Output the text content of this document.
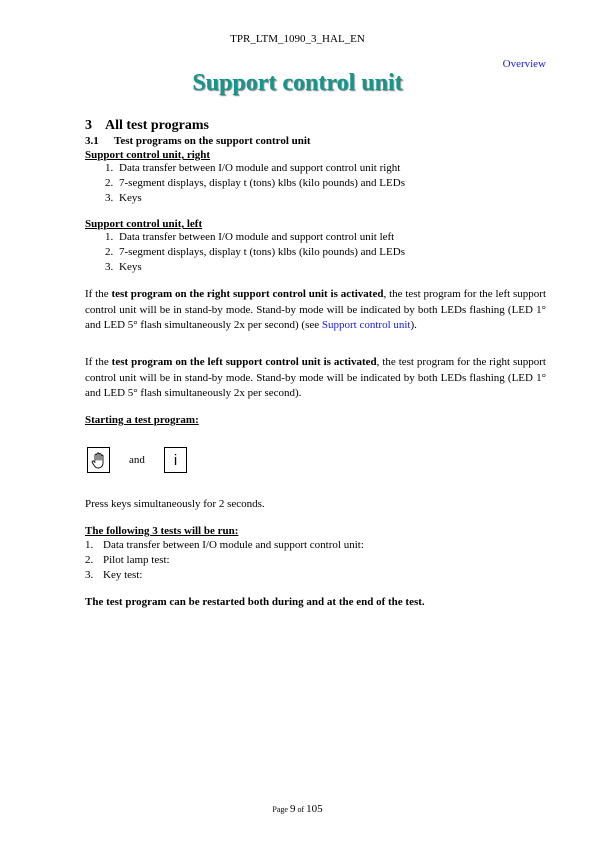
TPR_LTM_1090_3_HAL_EN
Overview
Support control unit
3 All test programs
3.1 Test programs on the support control unit
Support control unit, right
1. Data transfer between I/O module and support control unit right
2. 7-segment displays, display t (tons) klbs (kilo pounds) and LEDs
3. Keys
Support control unit, left
1. Data transfer between I/O module and support control unit left
2. 7-segment displays, display t (tons) klbs (kilo pounds) and LEDs
3. Keys
If the test program on the right support control unit is activated, the test program for the left support control unit will be in stand-by mode. Stand-by mode will be indicated by both LEDs flashing (LED 1° and LED 5° flash simultaneously 2x per second) (see Support control unit).
If the test program on the left support control unit is activated, the test program for the right support control unit will be in stand-by mode. Stand-by mode will be indicated by both LEDs flashing (LED 1° and LED 5° flash simultaneously 2x per second).
Starting a test program:
and	i
Press keys simultaneously for 2 seconds.
The following 3 tests will be run:
1. Data transfer between I/O module and support control unit:
2. Pilot lamp test:
3. Key test:
The test program can be restarted both during and at the end of the test.
Page 9 of 105
